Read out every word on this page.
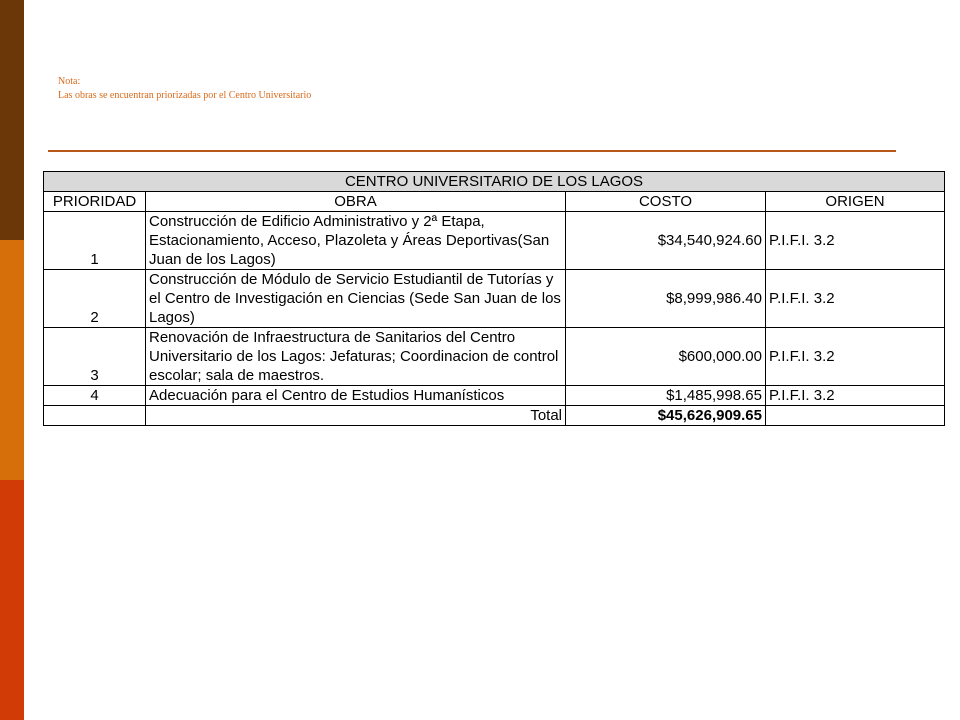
Nota:
Las obras se encuentran priorizadas por el Centro Universitario
CENTRO UNIVERSITARIO DE LOS LAGOS			
PRIORIDAD	OBRA	COSTO	ORIGEN
1	Construcción de Edificio Administrativo y 2ª Etapa, Estacionamiento, Acceso, Plazoleta y Áreas Deportivas(San Juan de los Lagos)	$34,540,924.60	P.I.F.I. 3.2
2	Construcción de Módulo de Servicio Estudiantil de Tutorías y el Centro de Investigación en Ciencias (Sede San Juan de los Lagos)	$8,999,986.40	P.I.F.I. 3.2
3	Renovación de Infraestructura de Sanitarios del Centro Universitario de los Lagos: Jefaturas; Coordinacion de control escolar; sala de maestros.	$600,000.00	P.I.F.I. 3.2
4	Adecuación para el Centro de Estudios Humanísticos	$1,485,998.65	P.I.F.I. 3.2
	Total	$45,626,909.65	
